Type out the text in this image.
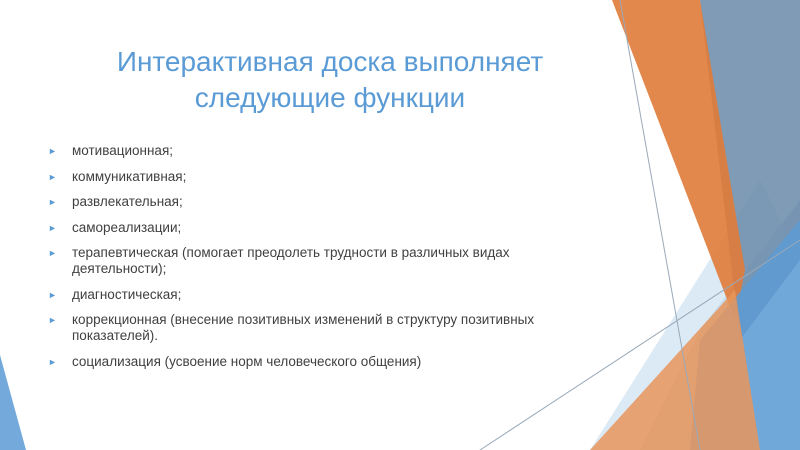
Интерактивная доска выполняет
следующие функции
► мотивационная;
► коммуникативная;
► развлекательная;
► самореализации;
► терапевтическая (помогает преодолеть трудности в различных видах
деятельности);
► диагностическая;
► коррекционная (внесение позитивных изменений в структуру позитивных
показателей).
► социализация (усвоение норм человеческого общения)
